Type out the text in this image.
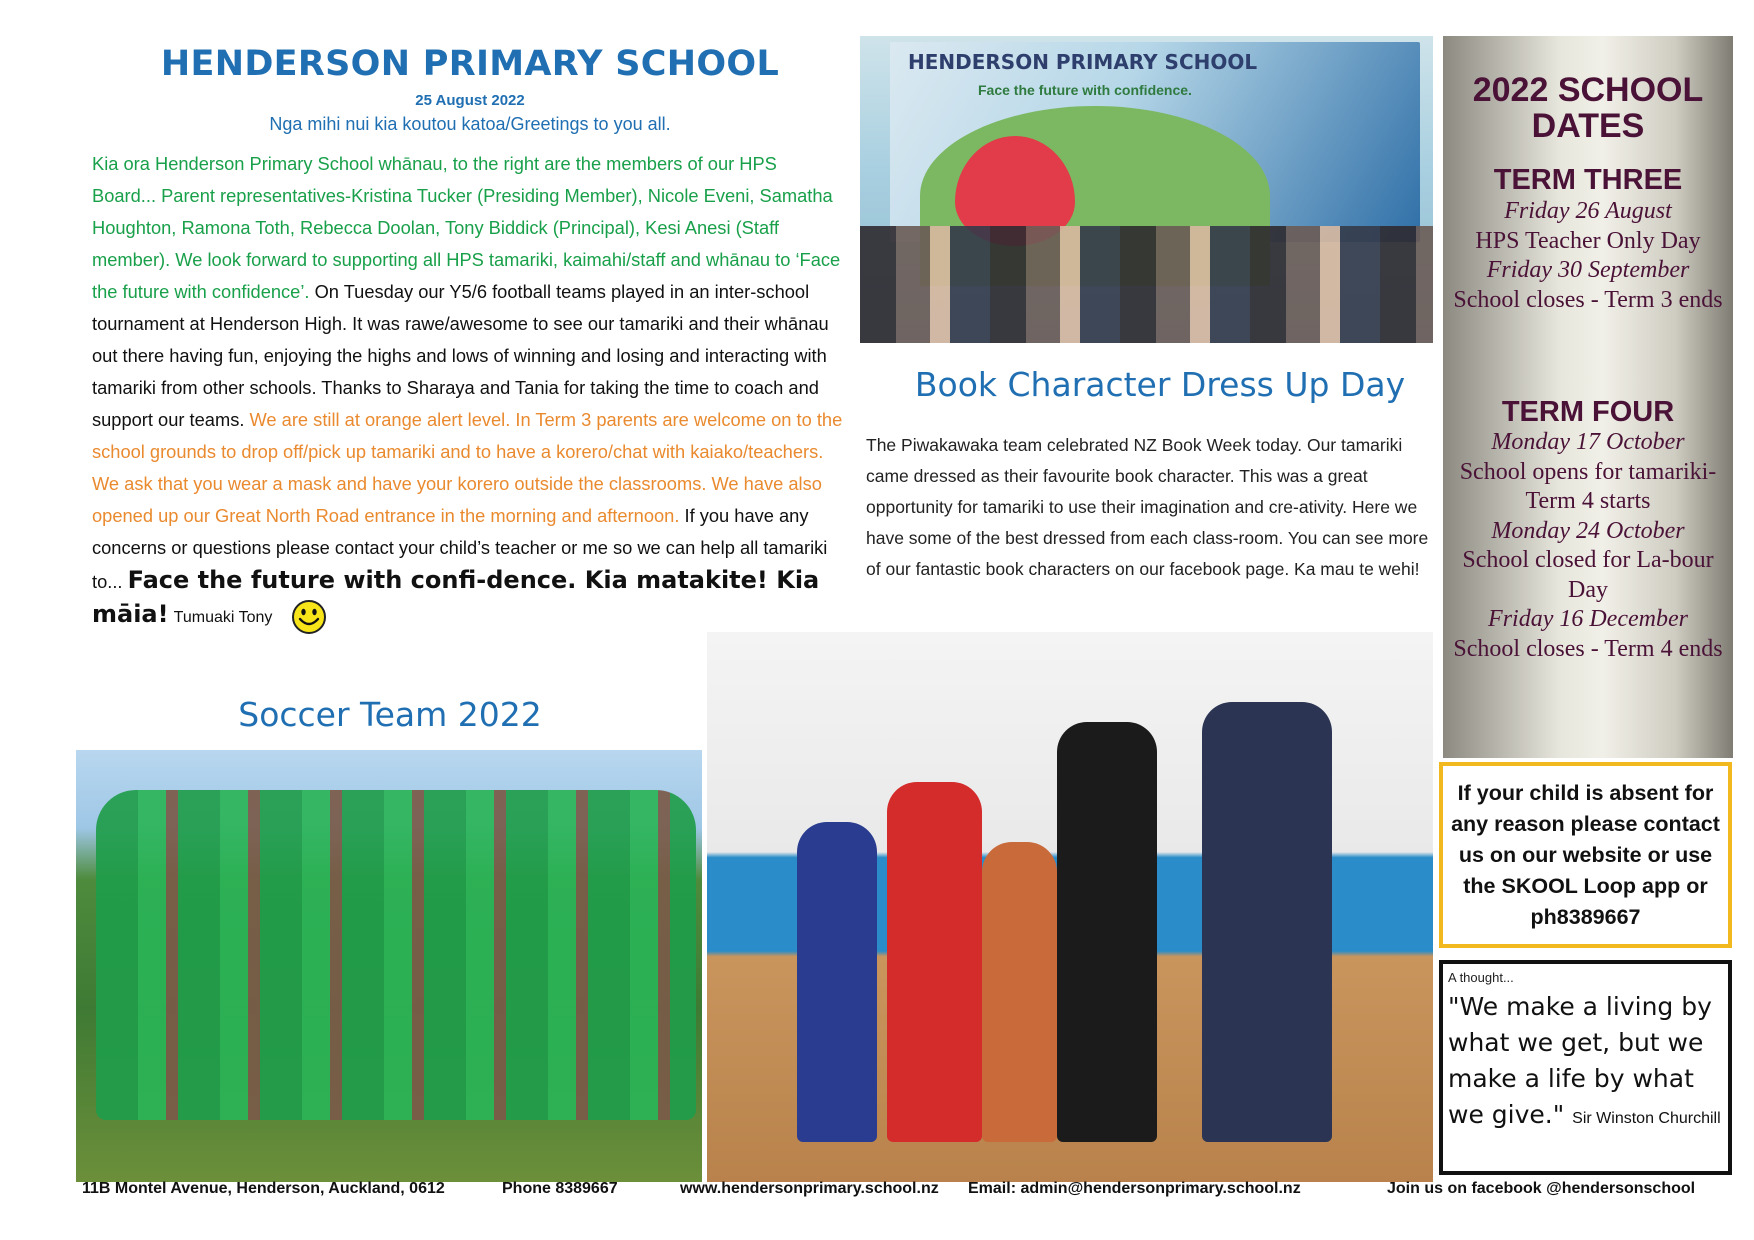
HENDERSON PRIMARY SCHOOL
25 August 2022
Nga mihi nui kia koutou katoa/Greetings to you all.
Kia ora Henderson Primary School whānau, to the right are the members of our HPS Board... Parent representatives-Kristina Tucker (Presiding Member), Nicole Eveni, Samatha Houghton, Ramona Toth, Rebecca Doolan, Tony Biddick (Principal), Kesi Anesi (Staff member). We look forward to supporting all HPS tamariki, kaimahi/staff and whānau to ‘Face the future with confidence’. On Tuesday our Y5/6 football teams played in an inter-school tournament at Henderson High. It was rawe/awesome to see our tamariki and their whānau out there having fun, enjoying the highs and lows of winning and losing and interacting with tamariki from other schools. Thanks to Sharaya and Tania for taking the time to coach and support our teams. We are still at orange alert level. In Term 3 parents are welcome on to the school grounds to drop off/pick up tamariki and to have a korero/chat with kaiako/teachers. We ask that you wear a mask and have your korero outside the classrooms. We have also opened up our Great North Road entrance in the morning and afternoon. If you have any concerns or questions please contact your child’s teacher or me so we can help all tamariki to... Face the future with confi-dence. Kia matakite! Kia māia! Tumuaki Tony
HENDERSON PRIMARY SCHOOL
Face the future with confidence.
Book Character Dress Up Day
The Piwakawaka team celebrated NZ Book Week today. Our tamariki came dressed as their favourite book character. This was a great opportunity for tamariki to use their imagination and cre-ativity. Here we have some of the best dressed from each class-room. You can see more of our fantastic book characters on our facebook page. Ka mau te wehi!
Soccer Team 2022
2022 SCHOOL DATES
TERM THREE
Friday 26 August
HPS Teacher Only Day
Friday 30 September
School closes - Term 3 ends
TERM FOUR
Monday 17 October
School opens for tamariki-Term 4 starts
Monday 24 October
School closed for La-bour Day
Friday 16 December
School closes - Term 4 ends
If your child is absent for any reason please contact us on our website or use the SKOOL Loop app or ph8389667
A thought...
"We make a living by what we get, but we make a life by what we give." Sir Winston Churchill
11B Montel Avenue, Henderson, Auckland, 0612	Phone 8389667	www.hendersonprimary.school.nz Email: admin@hendersonprimary.school.nz	Join us on facebook @hendersonschool
